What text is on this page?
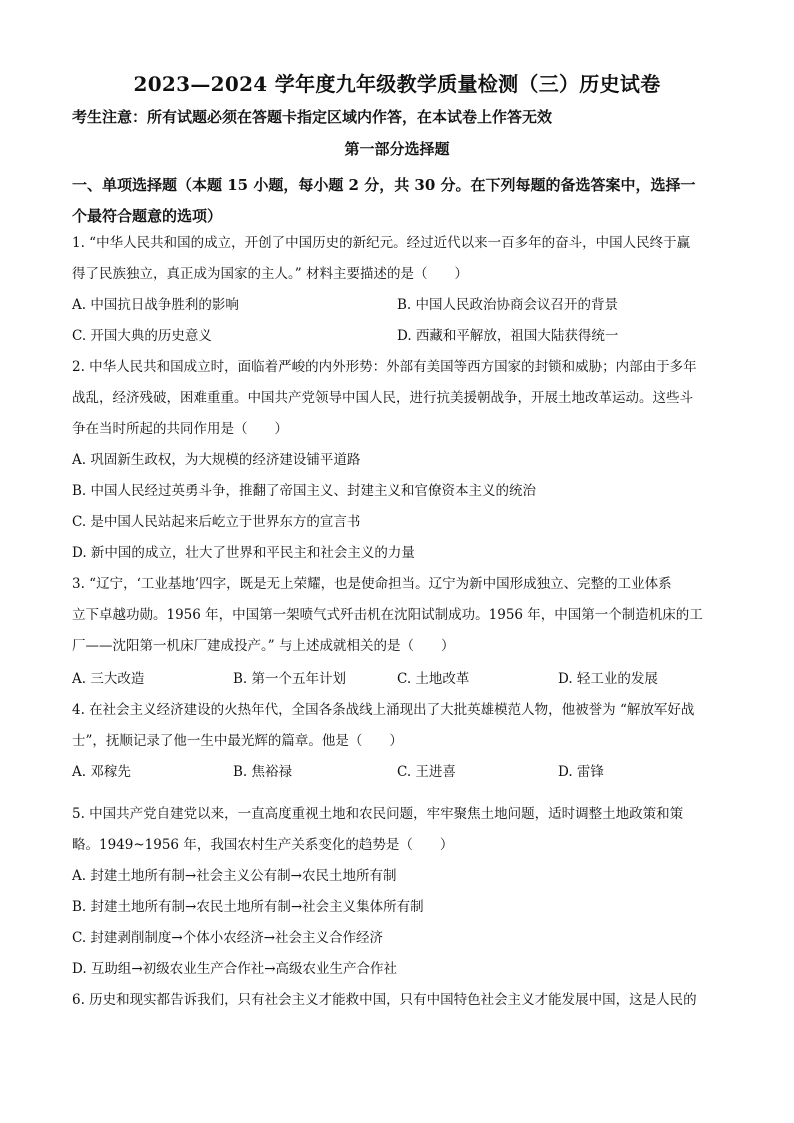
2023—2024 学年度九年级教学质量检测（三）历史试卷
考生注意：所有试题必须在答题卡指定区域内作答，在本试卷上作答无效
第一部分选择题
一、单项选择题（本题 15 小题，每小题 2 分，共 30 分。在下列每题的备选答案中，选择一
个最符合题意的选项）
1. “中华人民共和国的成立，开创了中国历史的新纪元。经过近代以来一百多年的奋斗，中国人民终于赢
得了民族独立，真正成为国家的主人。” 材料主要描述的是（　　）
A. 中国抗日战争胜利的影响	B. 中国人民政治协商会议召开的背景
C. 开国大典的历史意义	D. 西藏和平解放，祖国大陆获得统一
2. 中华人民共和国成立时，面临着严峻的内外形势：外部有美国等西方国家的封锁和威胁；内部由于多年
战乱，经济残破，困难重重。中国共产党领导中国人民，进行抗美援朝战争，开展土地改革运动。这些斗
争在当时所起的共同作用是（　　）
A. 巩固新生政权，为大规模的经济建设铺平道路
B. 中国人民经过英勇斗争，推翻了帝国主义、封建主义和官僚资本主义的统治
C. 是中国人民站起来后屹立于世界东方的宣言书
D. 新中国的成立，壮大了世界和平民主和社会主义的力量
3. “辽宁，‘工业基地’四字，既是无上荣耀，也是使命担当。辽宁为新中国形成独立、完整的工业体系
立下卓越功勋。1956 年，中国第一架喷气式歼击机在沈阳试制成功。1956 年，中国第一个制造机床的工
厂——沈阳第一机床厂建成投产。” 与上述成就相关的是（　　）
A. 三大改造	B. 第一个五年计划	C. 土地改革	D. 轻工业的发展
4. 在社会主义经济建设的火热年代，全国各条战线上涌现出了大批英雄模范人物，他被誉为 “解放军好战
士”，抚顺记录了他一生中最光辉的篇章。他是（　　）
A. 邓稼先	B. 焦裕禄	C. 王进喜	D. 雷锋
5. 中国共产党自建党以来，一直高度重视土地和农民问题，牢牢聚焦土地问题，适时调整土地政策和策
略。1949~1956 年，我国农村生产关系变化的趋势是（　　）
A. 封建土地所有制→社会主义公有制→农民土地所有制
B. 封建土地所有制→农民土地所有制→社会主义集体所有制
C. 封建剥削制度→个体小农经济→社会主义合作经济
D. 互助组→初级农业生产合作社→高级农业生产合作社
6. 历史和现实都告诉我们，只有社会主义才能救中国，只有中国特色社会主义才能发展中国，这是人民的
